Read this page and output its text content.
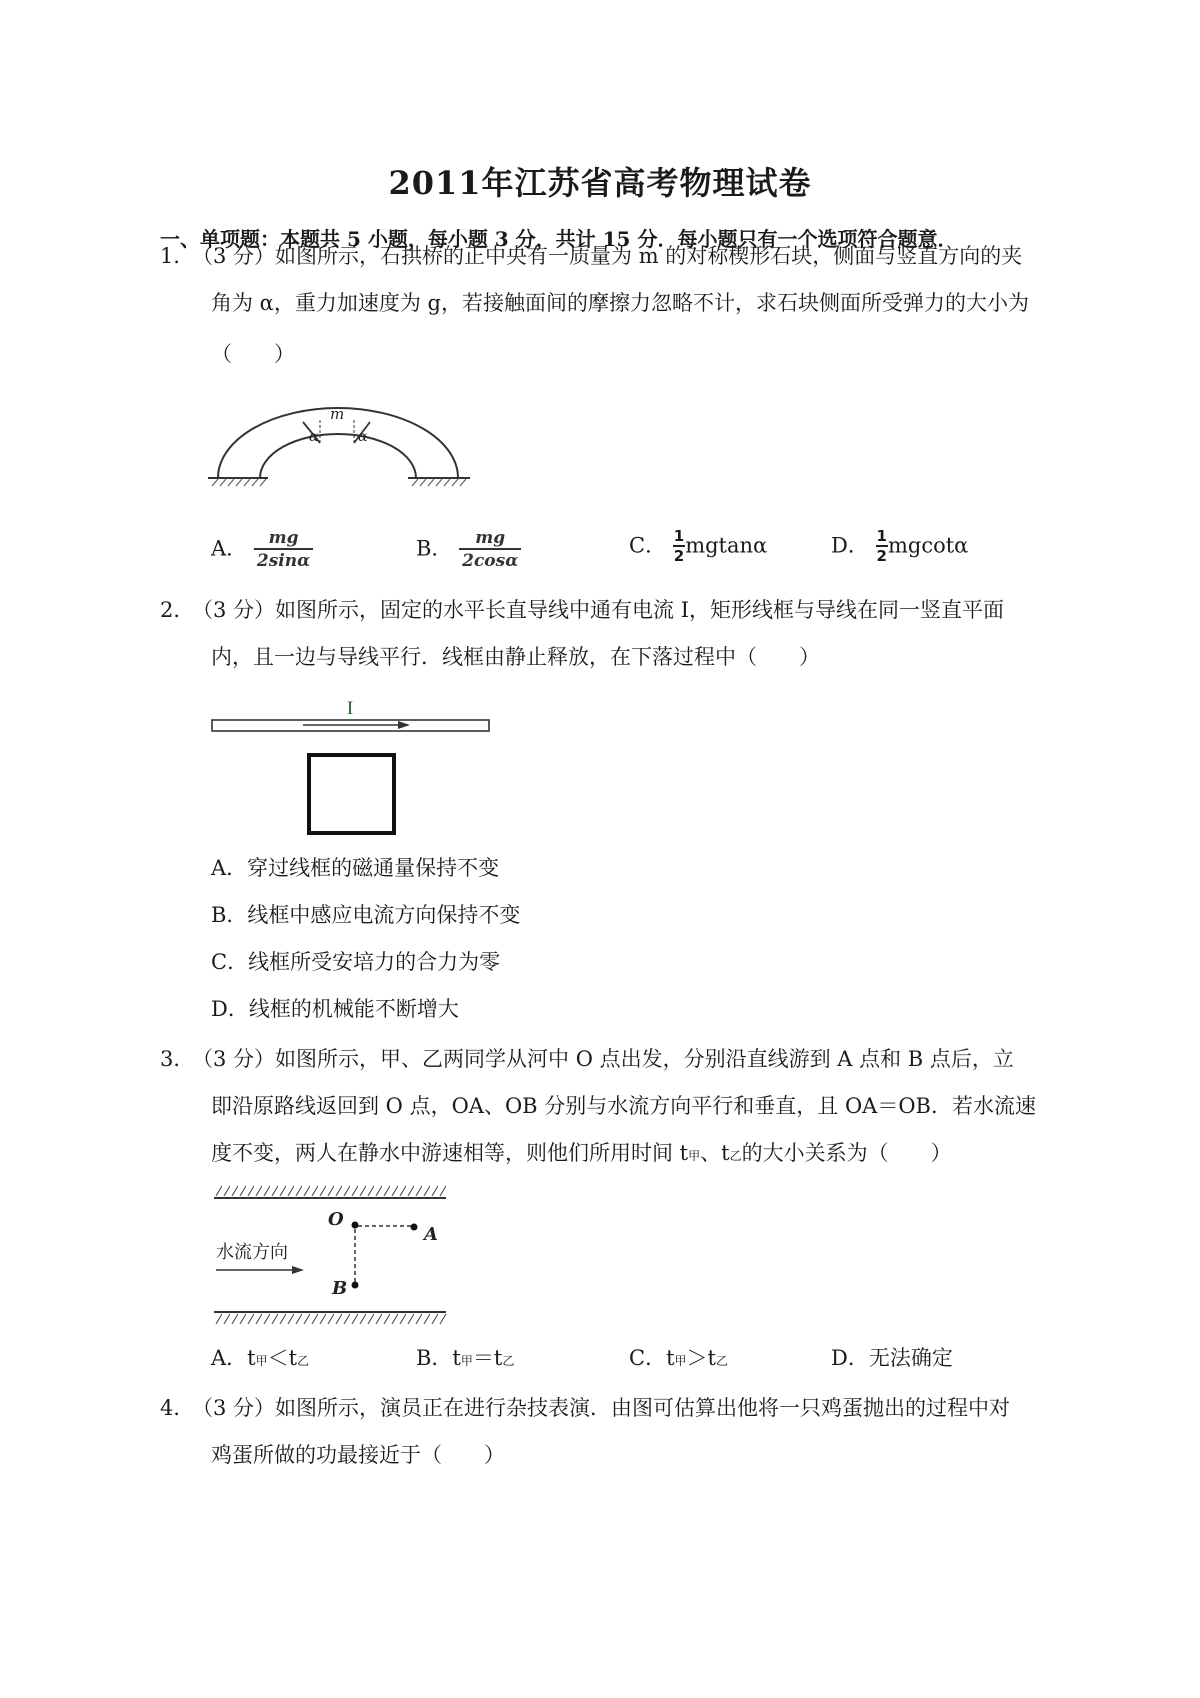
2011年江苏省高考物理试卷
一、单项题：本题共 5 小题，每小题 3 分，共计 15 分．每小题只有一个选项符合题意．
1．
（3 分）如图所示，石拱桥的正中央有一质量为 m 的对称楔形石块，侧面与竖直方向的夹
角为 α，重力加速度为 g，若接触面间的摩擦力忽略不计，求石块侧面所受弹力的大小为
（　　）
m
α	α
A． $\frac{mg}{2\sin\alpha}$	B． $\frac{mg}{2\cos\alpha}$	C． $\frac{1}{2}$ mgtanα	D． $\frac{1}{2}$ mgcotα
2．
（3 分）如图所示，固定的水平长直导线中通有电流 I，矩形线框与导线在同一竖直平面
内，且一边与导线平行．线框由静止释放，在下落过程中（　　）
I
A．穿过线框的磁通量保持不变
B．线框中感应电流方向保持不变
C．线框所受安培力的合力为零
D．线框的机械能不断增大
3．
（3 分）如图所示，甲、乙两同学从河中 O 点出发，分别沿直线游到 A 点和 B 点后，立
即沿原路线返回到 O 点，OA、OB 分别与水流方向平行和垂直，且 OA＝OB．若水流速
度不变，两人在静水中游速相等，则他们所用时间 t甲、t乙的大小关系为（　　）
O
A
B
水流方向
A．t甲＜t乙	B．t甲＝t乙	C．t甲＞t乙	D．无法确定
4．
（3 分）如图所示，演员正在进行杂技表演．由图可估算出他将一只鸡蛋抛出的过程中对
鸡蛋所做的功最接近于（　　）
